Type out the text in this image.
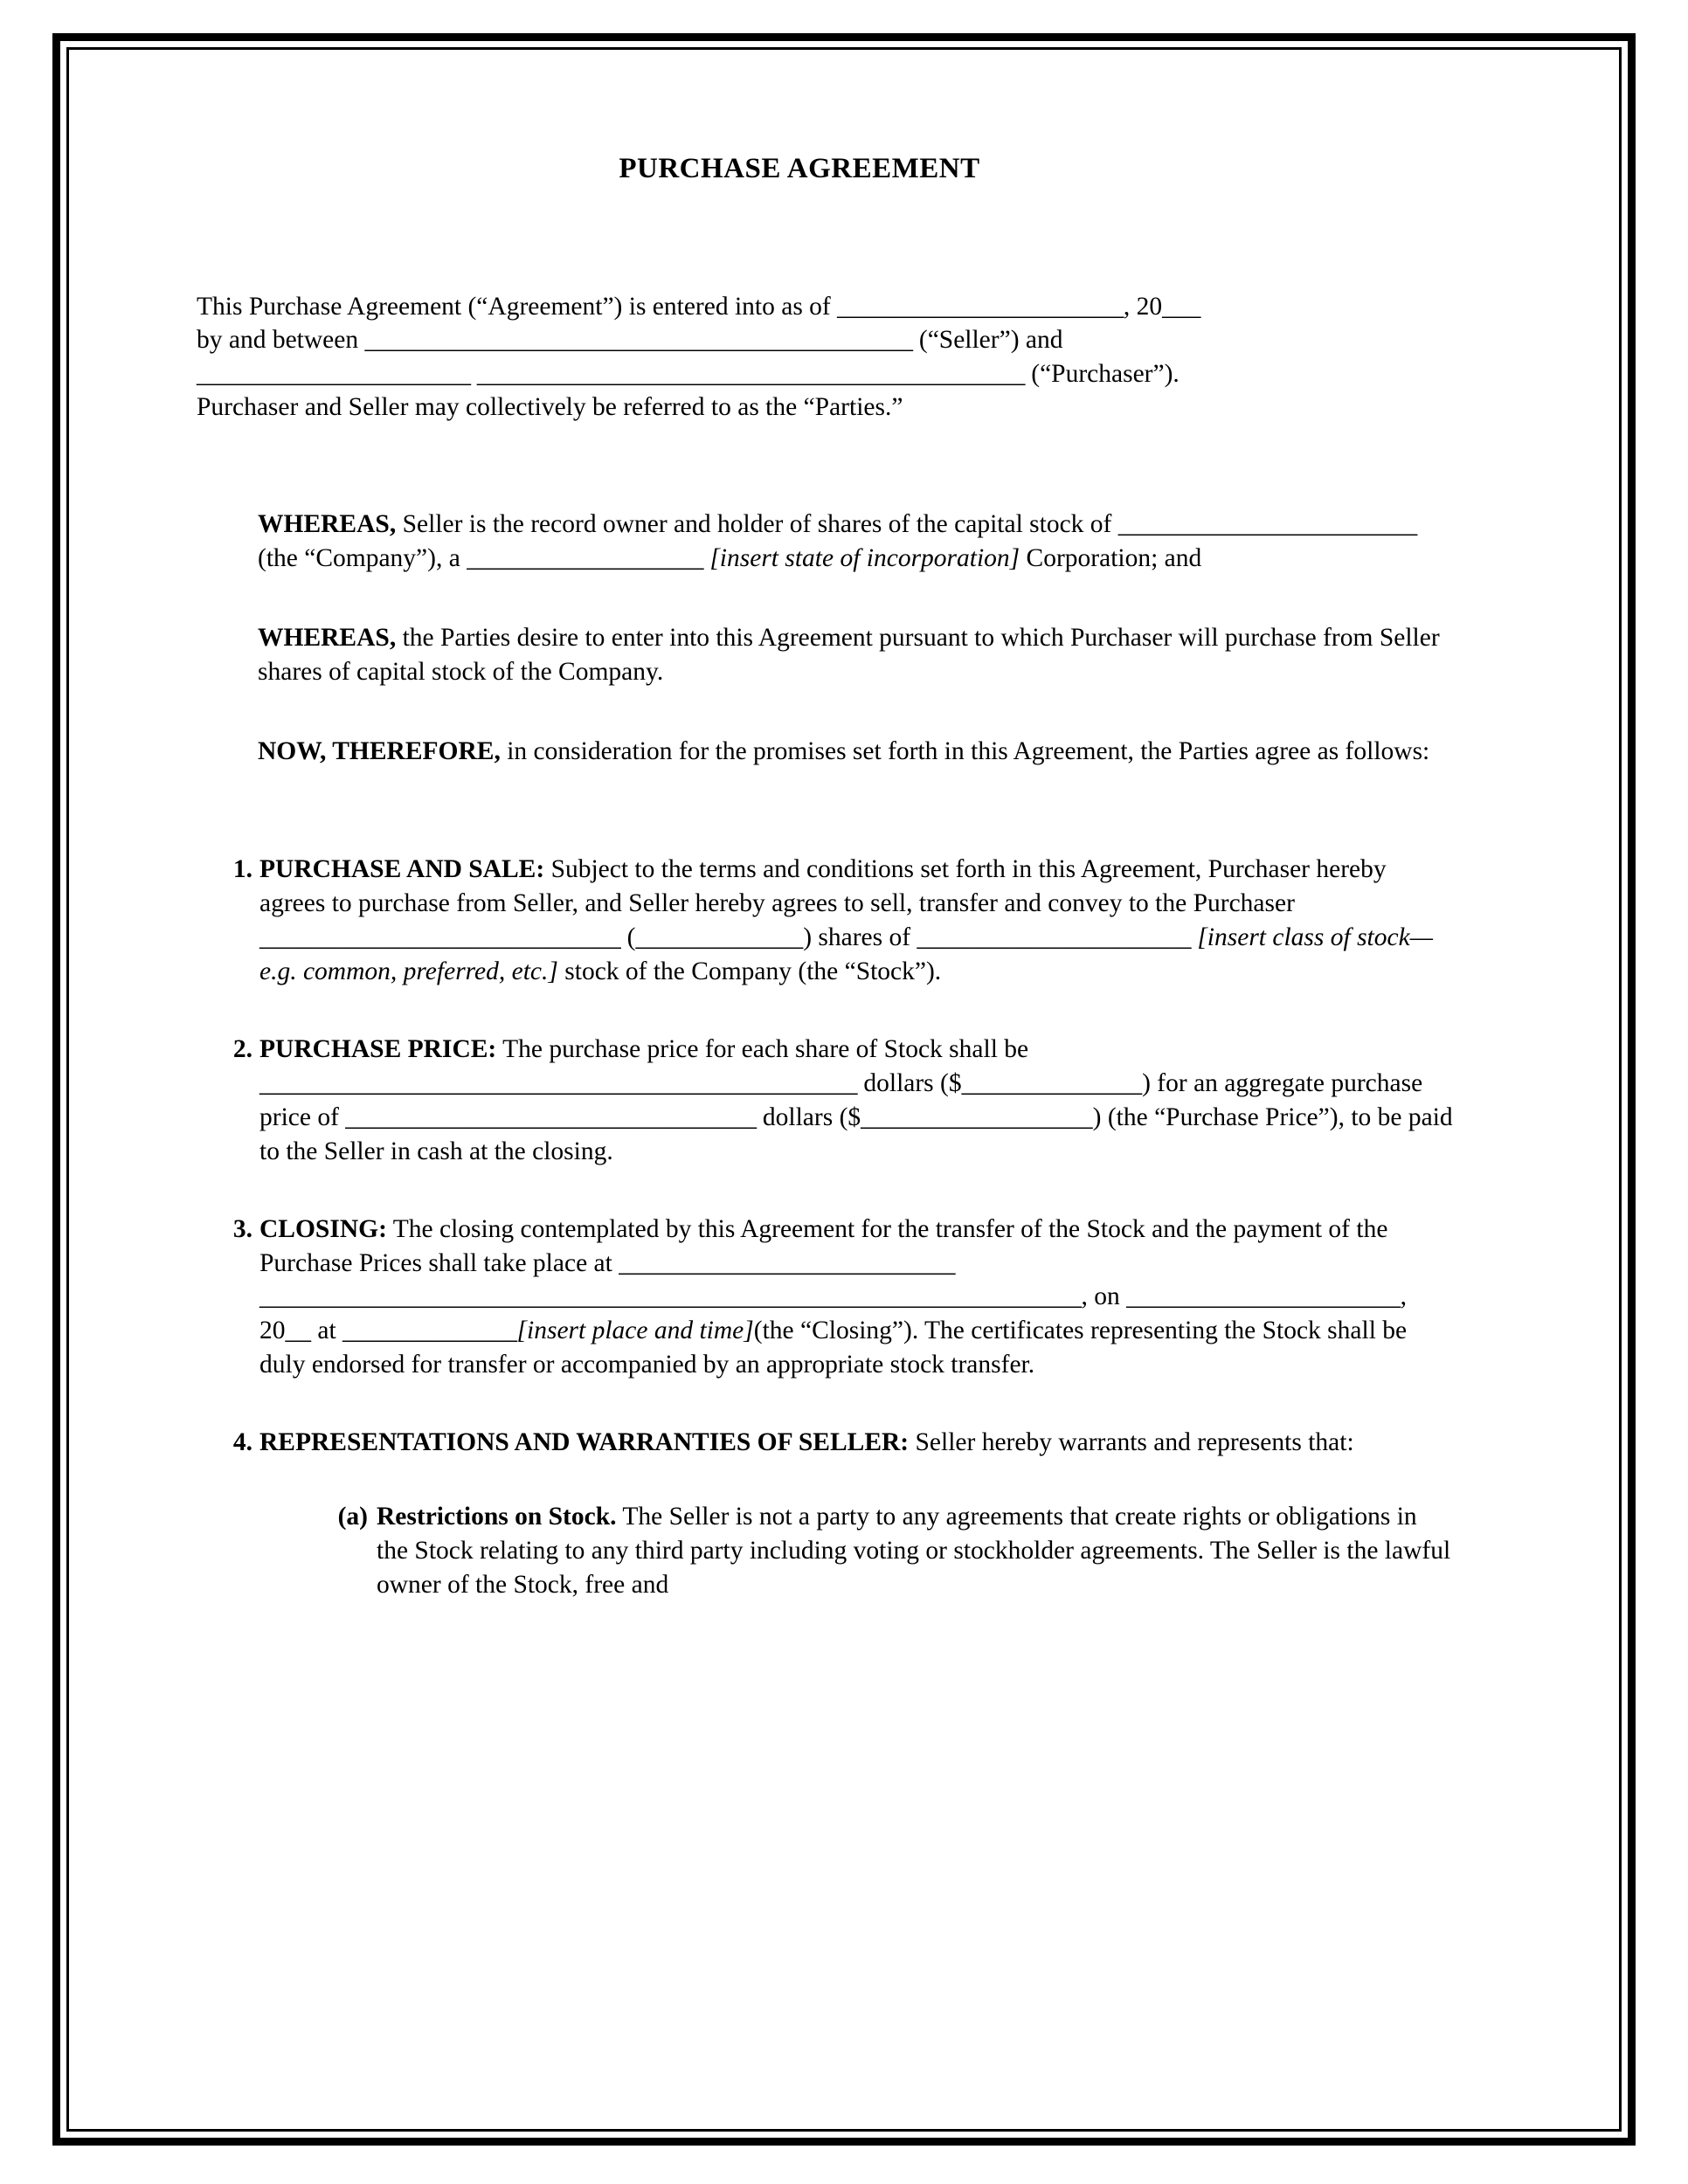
PURCHASE AGREEMENT

This Purchase Agreement (“Agreement”) is entered into as of _______________________, 20___
by and between ____________________________________________ (“Seller”) and
______________________ ____________________________________________ (“Purchaser”).
Purchaser and Seller may collectively be referred to as the “Parties.”

WHEREAS, Seller is the record owner and holder of shares of the capital stock of ________________________ (the “Company”), a ___________________ [insert state of incorporation] Corporation; and

WHEREAS, the Parties desire to enter into this Agreement pursuant to which Purchaser will purchase from Seller shares of capital stock of the Company.

NOW, THEREFORE, in consideration for the promises set forth in this Agreement, the Parties agree as follows:

1. PURCHASE AND SALE: Subject to the terms and conditions set forth in this Agreement, Purchaser hereby agrees to purchase from Seller, and Seller hereby agrees to sell, transfer and convey to the Purchaser _____________________________ (_____________) shares of ______________________ [insert class of stock—e.g. common, preferred, etc.] stock of the Company (the “Stock”).
2. PURCHASE PRICE: The purchase price for each share of Stock shall be ________________________________________________ dollars ($______________) for an aggregate purchase price of _________________________________ dollars ($__________________) (the “Purchase Price”), to be paid to the Seller in cash at the closing.
3. CLOSING: The closing contemplated by this Agreement for the transfer of the Stock and the payment of the Purchase Prices shall take place at ___________________________ __________________________________________________________________, on ______________________, 20__ at ______________[insert place and time](the “Closing”). The certificates representing the Stock shall be duly endorsed for transfer or accompanied by an appropriate stock transfer.
4. REPRESENTATIONS AND WARRANTIES OF SELLER: Seller hereby warrants and represents that:
(a) Restrictions on Stock. The Seller is not a party to any agreements that create rights or obligations in the Stock relating to any third party including voting or stockholder agreements. The Seller is the lawful owner of the Stock, free and
